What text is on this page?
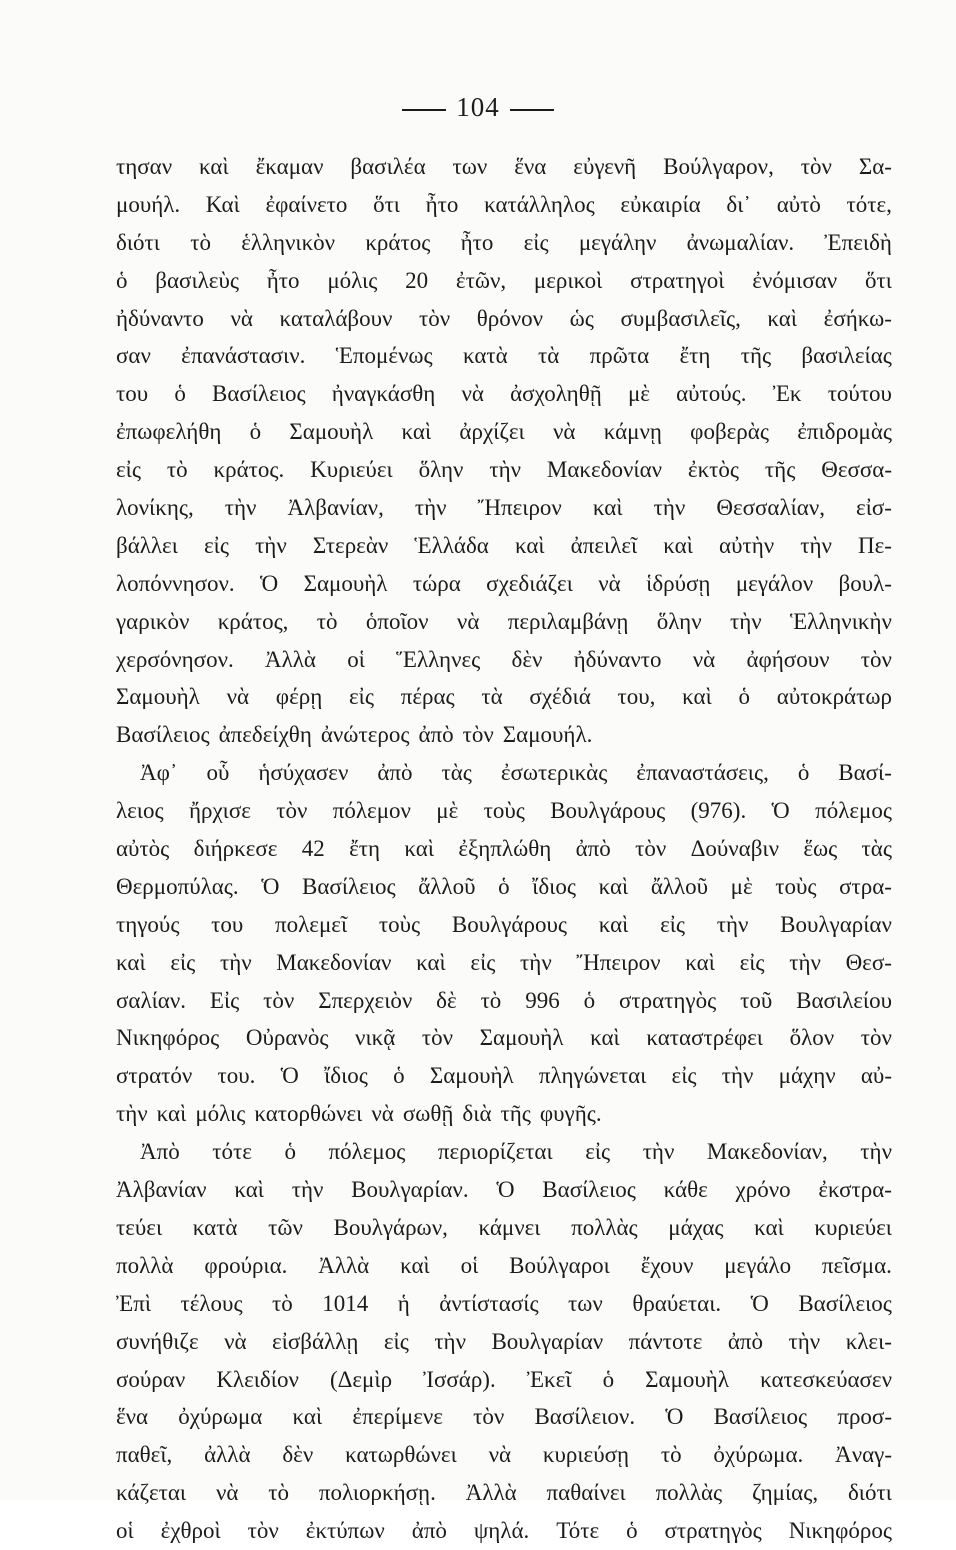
104
τησαν καὶ ἔκαμαν βασιλέα των ἕνα εὐγενῆ Βούλγαρον, τὸν Σα-
μουήλ. Καὶ ἐφαίνετο ὅτι ἦτο κατάλληλος εὐκαιρία δι᾽ αὐτὸ τότε,
διότι τὸ ἑλληνικὸν κράτος ἦτο εἰς μεγάλην ἀνωμαλίαν. Ἐπειδὴ
ὁ βασιλεὺς ἦτο μόλις 20 ἐτῶν, μερικοὶ στρατηγοὶ ἐνόμισαν ὅτι
ἠδύναντο νὰ καταλάβουν τὸν θρόνον ὡς συμβασιλεῖς, καὶ ἐσήκω-
σαν ἐπανάστασιν. Ἑπομένως κατὰ τὰ πρῶτα ἔτη τῆς βασιλείας
του ὁ Βασίλειος ἠναγκάσθη νὰ ἀσχοληθῇ μὲ αὐτούς. Ἐκ τούτου
ἐπωφελήθη ὁ Σαμουὴλ καὶ ἀρχίζει νὰ κάμνῃ φοβερὰς ἐπιδρομὰς
εἰς τὸ κράτος. Κυριεύει ὅλην τὴν Μακεδονίαν ἐκτὸς τῆς Θεσσα-
λονίκης, τὴν Ἀλβανίαν, τὴν Ἤπειρον καὶ τὴν Θεσσαλίαν, εἰσ-
βάλλει εἰς τὴν Στερεὰν Ἑλλάδα καὶ ἀπειλεῖ καὶ αὐτὴν τὴν Πε-
λοπόννησον. Ὁ Σαμουὴλ τώρα σχεδιάζει νὰ ἱδρύσῃ μεγάλον βουλ-
γαρικὸν κράτος, τὸ ὁποῖον νὰ περιλαμβάνῃ ὅλην τὴν Ἑλληνικὴν
χερσόνησον. Ἀλλὰ οἱ Ἕλληνες δὲν ἠδύναντο νὰ ἀφήσουν τὸν
Σαμουὴλ νὰ φέρῃ εἰς πέρας τὰ σχέδιά του, καὶ ὁ αὐτοκράτωρ
Βασίλειος ἀπεδείχθη ἀνώτερος ἀπὸ τὸν Σαμουήλ.
Ἀφ᾽ οὗ ἡσύχασεν ἀπὸ τὰς ἐσωτερικὰς ἐπαναστάσεις, ὁ Βασί-
λειος ἤρχισε τὸν πόλεμον μὲ τοὺς Βουλγάρους (976). Ὁ πόλεμος
αὐτὸς διήρκεσε 42 ἔτη καὶ ἐξηπλώθη ἀπὸ τὸν Δούναβιν ἕως τὰς
Θερμοπύλας. Ὁ Βασίλειος ἄλλοῦ ὁ ἴδιος καὶ ἄλλοῦ μὲ τοὺς στρα-
τηγούς του πολεμεῖ τοὺς Βουλγάρους καὶ εἰς τὴν Βουλγαρίαν
καὶ εἰς τὴν Μακεδονίαν καὶ εἰς τὴν Ἤπειρον καὶ εἰς τὴν Θεσ-
σαλίαν. Εἰς τὸν Σπερχειὸν δὲ τὸ 996 ὁ στρατηγὸς τοῦ Βασιλείου
Νικηφόρος Οὐρανὸς νικᾷ τὸν Σαμουὴλ καὶ καταστρέφει ὅλον τὸν
στρατόν του. Ὁ ἴδιος ὁ Σαμουὴλ πληγώνεται εἰς τὴν μάχην αὐ-
τὴν καὶ μόλις κατορθώνει νὰ σωθῇ διὰ τῆς φυγῆς.
Ἀπὸ τότε ὁ πόλεμος περιορίζεται εἰς τὴν Μακεδονίαν, τὴν
Ἀλβανίαν καὶ τὴν Βουλγαρίαν. Ὁ Βασίλειος κάθε χρόνο ἐκστρα-
τεύει κατὰ τῶν Βουλγάρων, κάμνει πολλὰς μάχας καὶ κυριεύει
πολλὰ φρούρια. Ἀλλὰ καὶ οἱ Βούλγαροι ἔχουν μεγάλο πεῖσμα.
Ἐπὶ τέλους τὸ 1014 ἡ ἀντίστασίς των θραύεται. Ὁ Βασίλειος
συνήθιζε νὰ εἰσβάλλῃ εἰς τὴν Βουλγαρίαν πάντοτε ἀπὸ τὴν κλει-
σούραν Κλειδίον (Δεμὶρ Ἰσσάρ). Ἐκεῖ ὁ Σαμουὴλ κατεσκεύασεν
ἕνα ὀχύρωμα καὶ ἐπερίμενε τὸν Βασίλειον. Ὁ Βασίλειος προσ-
παθεῖ, ἀλλὰ δὲν κατωρθώνει νὰ κυριεύσῃ τὸ ὀχύρωμα. Ἀναγ-
κάζεται νὰ τὸ πολιορκήσῃ. Ἀλλὰ παθαίνει πολλὰς ζημίας, διότι
οἱ ἐχθροὶ τὸν ἐκτύπων ἀπὸ ψηλά. Τότε ὁ στρατηγὸς Νικηφόρος
